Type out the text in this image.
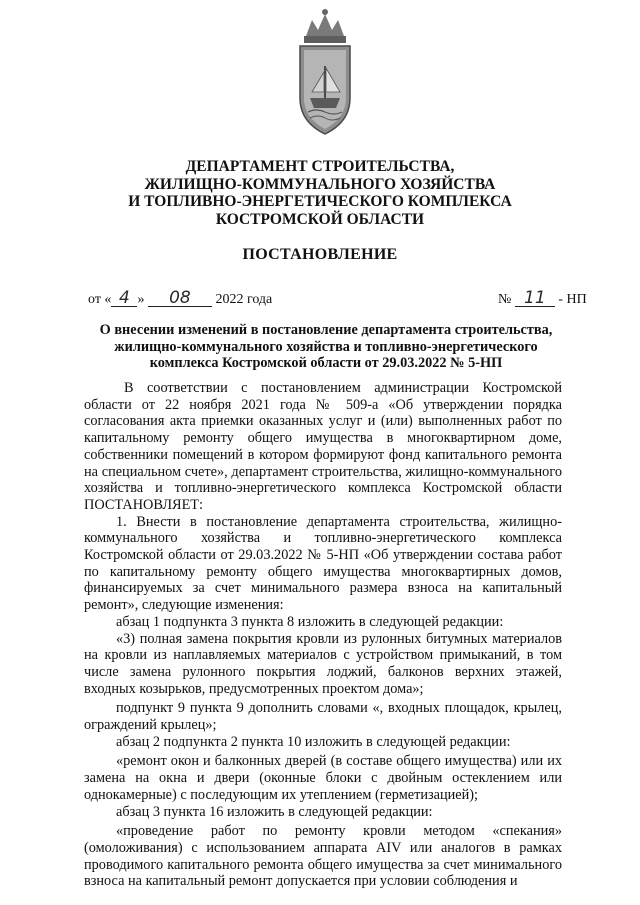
ДЕПАРТАМЕНТ СТРОИТЕЛЬСТВА,
ЖИЛИЩНО-КОММУНАЛЬНОГО ХОЗЯЙСТВА
И ТОПЛИВНО-ЭНЕРГЕТИЧЕСКОГО КОМПЛЕКСА
КОСТРОМСКОЙ ОБЛАСТИ
ПОСТАНОВЛЕНИЕ
от « 4 » 08 2022 года	№ 11 - НП
О внесении изменений в постановление департамента строительства,
жилищно-коммунального хозяйства и топливно-энергетического
комплекса Костромской области от 29.03.2022 № 5-НП

В соответствии с постановлением администрации Костромской области от 22 ноября 2021 года № 509-а «Об утверждении порядка согласования акта приемки оказанных услуг и (или) выполненных работ по капитальному ремонту общего имущества в многоквартирном доме, собственники помещений в котором формируют фонд капитального ремонта на специальном счете», департамент строительства, жилищно-коммунального хозяйства и топливно-энергетического комплекса Костромской области ПОСТАНОВЛЯЕТ:

1. Внести в постановление департамента строительства, жилищно-коммунального хозяйства и топливно-энергетического комплекса Костромской области от 29.03.2022 № 5-НП «Об утверждении состава работ по капитальному ремонту общего имущества многоквартирных домов, финансируемых за счет минимального размера взноса на капитальный ремонт», следующие изменения:

абзац 1 подпункта 3 пункта 8 изложить в следующей редакции:

«3) полная замена покрытия кровли из рулонных битумных материалов на кровли из наплавляемых материалов с устройством примыканий, в том числе замена рулонного покрытия лоджий, балконов верхних этажей, входных козырьков, предусмотренных проектом дома»;

подпункт 9 пункта 9 дополнить словами «, входных площадок, крылец, ограждений крылец»;

абзац 2 подпункта 2 пункта 10 изложить в следующей редакции:

«ремонт окон и балконных дверей (в составе общего имущества) или их замена на окна и двери (оконные блоки с двойным остеклением или однокамерные) с последующим их утеплением (герметизацией);

абзац 3 пункта 16 изложить в следующей редакции:

«проведение работ по ремонту кровли методом «спекания» (омоложивания) с использованием аппарата AIV или аналогов в рамках проводимого капитального ремонта общего имущества за счет минимального взноса на капитальный ремонт допускается при условии соблюдения и
